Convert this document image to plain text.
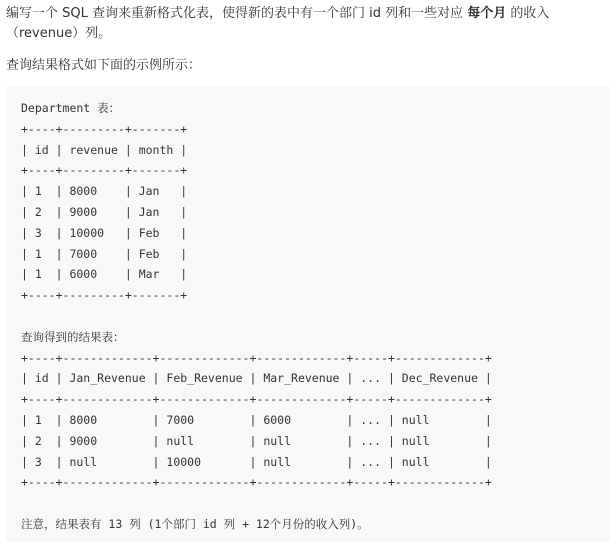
编写一个 SQL 查询来重新格式化表，使得新的表中有一个部门 id 列和一些对应 每个月 的收入（revenue）列。

查询结果格式如下面的示例所示：

Department 表：
+----+---------+-------+
| id | revenue | month |
+----+---------+-------+
| 1  | 8000    | Jan   |
| 2  | 9000    | Jan   |
| 3  | 10000   | Feb   |
| 1  | 7000    | Feb   |
| 1  | 6000    | Mar   |
+----+---------+-------+

查询得到的结果表：
+----+-------------+-------------+-------------+-----+-------------+
| id | Jan_Revenue | Feb_Revenue | Mar_Revenue | ... | Dec_Revenue |
+----+-------------+-------------+-------------+-----+-------------+
| 1  | 8000        | 7000        | 6000        | ... | null        |
| 2  | 9000        | null        | null        | ... | null        |
| 3  | null        | 10000       | null        | ... | null        |
+----+-------------+-------------+-------------+-----+-------------+

注意，结果表有 13 列 (1个部门 id 列 + 12个月份的收入列)。
